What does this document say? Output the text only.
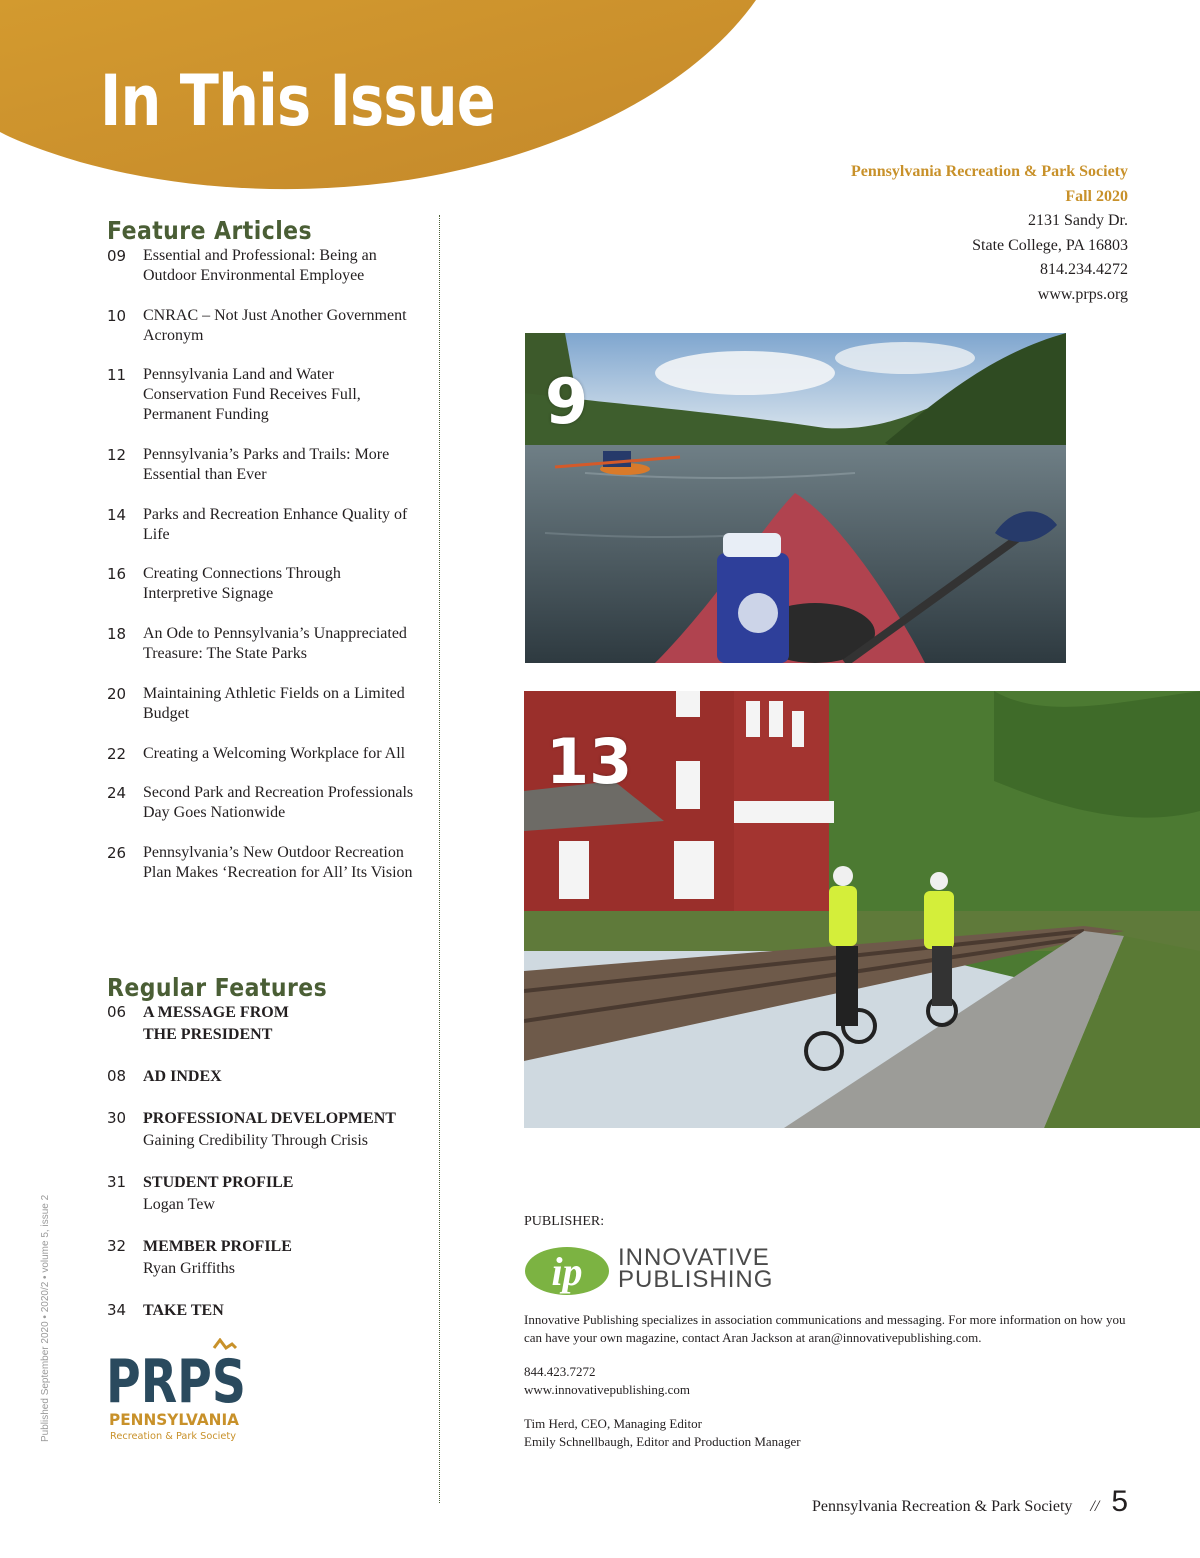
In This Issue
Pennsylvania Recreation & Park Society
Fall 2020
2131 Sandy Dr.
State College, PA 16803
814.234.4272
www.prps.org
Feature Articles
09	Essential and Professional: Being an Outdoor Environmental Employee
10	CNRAC – Not Just Another Government Acronym
11	Pennsylvania Land and Water Conservation Fund Receives Full, Permanent Funding
12	Pennsylvania’s Parks and Trails: More Essential than Ever
14	Parks and Recreation Enhance Quality of Life
16	Creating Connections Through Interpretive Signage
18	An Ode to Pennsylvania’s Unappreciated Treasure: The State Parks
20	Maintaining Athletic Fields on a Limited Budget
22	Creating a Welcoming Workplace for All
24	Second Park and Recreation Professionals Day Goes Nationwide
26	Pennsylvania’s New Outdoor Recreation Plan Makes ‘Recreation for All’ Its Vision
Regular Features
06	A MESSAGE FROM THE PRESIDENT
08	AD INDEX
30	PROFESSIONAL DEVELOPMENT
Gaining Credibility Through Crisis
31	STUDENT PROFILE
Logan Tew
32	MEMBER PROFILE
Ryan Griffiths
34	TAKE TEN
9
13
Published September 2020 • 2020/2 • volume 5, issue 2 PRPS
PENNSYLVANIA
Recreation & Park Society
PUBLISHER:
ip INNOVATIVE
PUBLISHING

Innovative Publishing specializes in association communications and messaging. For more information on how you can have your own magazine, contact Aran Jackson at aran@innovativepublishing.com.

844.423.7272
www.innovativepublishing.com

Tim Herd, CEO, Managing Editor
Emily Schnellbaugh, Editor and Production Manager

Pennsylvania Recreation & Park Society // 5
